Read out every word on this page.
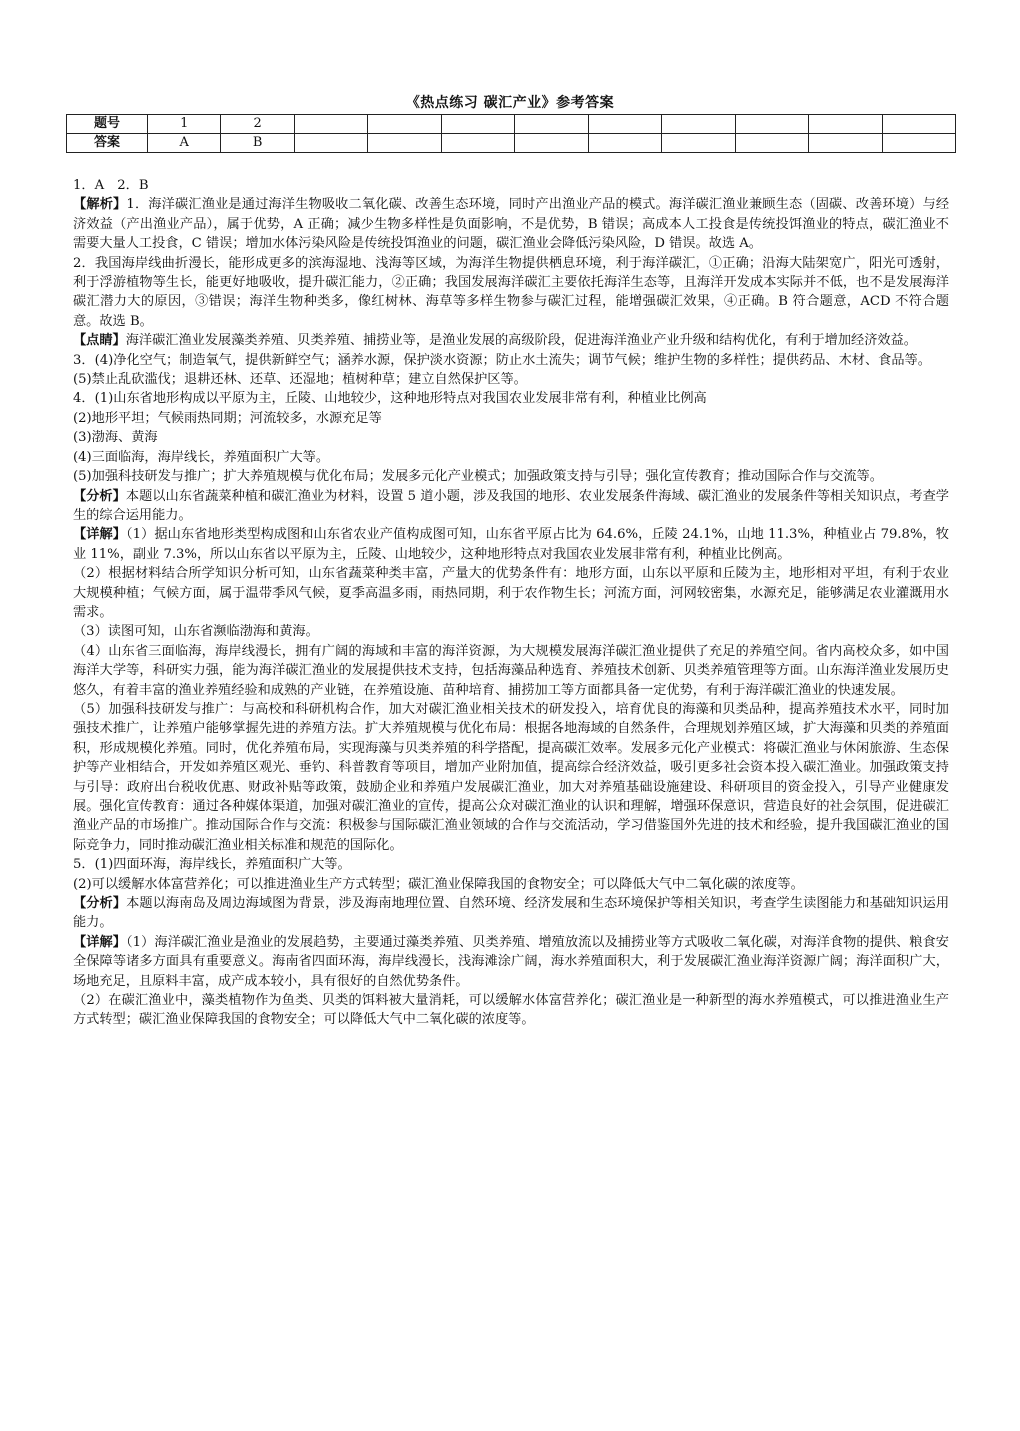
《热点练习 碳汇产业》参考答案
题号	1	2									
答案	A	B									

1．A　2．B

【解析】1．海洋碳汇渔业是通过海洋生物吸收二氧化碳、改善生态环境，同时产出渔业产品的模式。海洋碳汇渔业兼顾生态（固碳、改善环境）与经济效益（产出渔业产品），属于优势，A 正确；减少生物多样性是负面影响，不是优势，B 错误；高成本人工投食是传统投饵渔业的特点，碳汇渔业不需要大量人工投食，C 错误；增加水体污染风险是传统投饵渔业的问题，碳汇渔业会降低污染风险，D 错误。故选 A。

2．我国海岸线曲折漫长，能形成更多的滨海湿地、浅海等区域，为海洋生物提供栖息环境，利于海洋碳汇，①正确；沿海大陆架宽广，阳光可透射，利于浮游植物等生长，能更好地吸收，提升碳汇能力，②正确；我国发展海洋碳汇主要依托海洋生态等，且海洋开发成本实际并不低，也不是发展海洋碳汇潜力大的原因，③错误；海洋生物种类多，像红树林、海草等多样生物参与碳汇过程，能增强碳汇效果，④正确。B 符合题意，ACD 不符合题意。故选 B。

【点睛】海洋碳汇渔业发展藻类养殖、贝类养殖、捕捞业等，是渔业发展的高级阶段，促进海洋渔业产业升级和结构优化，有利于增加经济效益。

3．(4)净化空气；制造氧气，提供新鲜空气；涵养水源，保护淡水资源；防止水土流失；调节气候；维护生物的多样性；提供药品、木材、食品等。

(5)禁止乱砍滥伐；退耕还林、还草、还湿地；植树种草；建立自然保护区等。

4．(1)山东省地形构成以平原为主，丘陵、山地较少，这种地形特点对我国农业发展非常有利，种植业比例高

(2)地形平坦；气候雨热同期；河流较多，水源充足等

(3)渤海、黄海

(4)三面临海，海岸线长，养殖面积广大等。

(5)加强科技研发与推广；扩大养殖规模与优化布局；发展多元化产业模式；加强政策支持与引导；强化宣传教育；推动国际合作与交流等。

【分析】本题以山东省蔬菜种植和碳汇渔业为材料，设置 5 道小题，涉及我国的地形、农业发展条件海域、碳汇渔业的发展条件等相关知识点，考查学生的综合运用能力。

【详解】（1）据山东省地形类型构成图和山东省农业产值构成图可知，山东省平原占比为 64.6%，丘陵 24.1%，山地 11.3%，种植业占 79.8%，牧业 11%，副业 7.3%，所以山东省以平原为主，丘陵、山地较少，这种地形特点对我国农业发展非常有利，种植业比例高。

（2）根据材料结合所学知识分析可知，山东省蔬菜种类丰富，产量大的优势条件有：地形方面，山东以平原和丘陵为主，地形相对平坦，有利于农业大规模种植；气候方面，属于温带季风气候，夏季高温多雨，雨热同期，利于农作物生长；河流方面，河网较密集，水源充足，能够满足农业灌溉用水需求。

（3）读图可知，山东省濒临渤海和黄海。

（4）山东省三面临海，海岸线漫长，拥有广阔的海域和丰富的海洋资源，为大规模发展海洋碳汇渔业提供了充足的养殖空间。省内高校众多，如中国海洋大学等，科研实力强，能为海洋碳汇渔业的发展提供技术支持，包括海藻品种选育、养殖技术创新、贝类养殖管理等方面。山东海洋渔业发展历史悠久，有着丰富的渔业养殖经验和成熟的产业链，在养殖设施、苗种培育、捕捞加工等方面都具备一定优势，有利于海洋碳汇渔业的快速发展。

（5）加强科技研发与推广：与高校和科研机构合作，加大对碳汇渔业相关技术的研发投入，培育优良的海藻和贝类品种，提高养殖技术水平，同时加强技术推广，让养殖户能够掌握先进的养殖方法。扩大养殖规模与优化布局：根据各地海域的自然条件，合理规划养殖区域，扩大海藻和贝类的养殖面积，形成规模化养殖。同时，优化养殖布局，实现海藻与贝类养殖的科学搭配，提高碳汇效率。发展多元化产业模式：将碳汇渔业与休闲旅游、生态保护等产业相结合，开发如养殖区观光、垂钓、科普教育等项目，增加产业附加值，提高综合经济效益，吸引更多社会资本投入碳汇渔业。加强政策支持与引导：政府出台税收优惠、财政补贴等政策，鼓励企业和养殖户发展碳汇渔业，加大对养殖基础设施建设、科研项目的资金投入，引导产业健康发展。强化宣传教育：通过各种媒体渠道，加强对碳汇渔业的宣传，提高公众对碳汇渔业的认识和理解，增强环保意识，营造良好的社会氛围，促进碳汇渔业产品的市场推广。推动国际合作与交流：积极参与国际碳汇渔业领域的合作与交流活动，学习借鉴国外先进的技术和经验，提升我国碳汇渔业的国际竞争力，同时推动碳汇渔业相关标准和规范的国际化。

5．(1)四面环海，海岸线长，养殖面积广大等。

(2)可以缓解水体富营养化；可以推进渔业生产方式转型；碳汇渔业保障我国的食物安全；可以降低大气中二氧化碳的浓度等。

【分析】本题以海南岛及周边海域图为背景，涉及海南地理位置、自然环境、经济发展和生态环境保护等相关知识，考查学生读图能力和基础知识运用能力。

【详解】（1）海洋碳汇渔业是渔业的发展趋势，主要通过藻类养殖、贝类养殖、增殖放流以及捕捞业等方式吸收二氧化碳，对海洋食物的提供、粮食安全保障等诸多方面具有重要意义。海南省四面环海，海岸线漫长，浅海滩涂广阔，海水养殖面积大，利于发展碳汇渔业海洋资源广阔；海洋面积广大，场地充足，且原料丰富，成产成本较小，具有很好的自然优势条件。

（2）在碳汇渔业中，藻类植物作为鱼类、贝类的饵料被大量消耗，可以缓解水体富营养化；碳汇渔业是一种新型的海水养殖模式，可以推进渔业生产方式转型；碳汇渔业保障我国的食物安全；可以降低大气中二氧化碳的浓度等。
